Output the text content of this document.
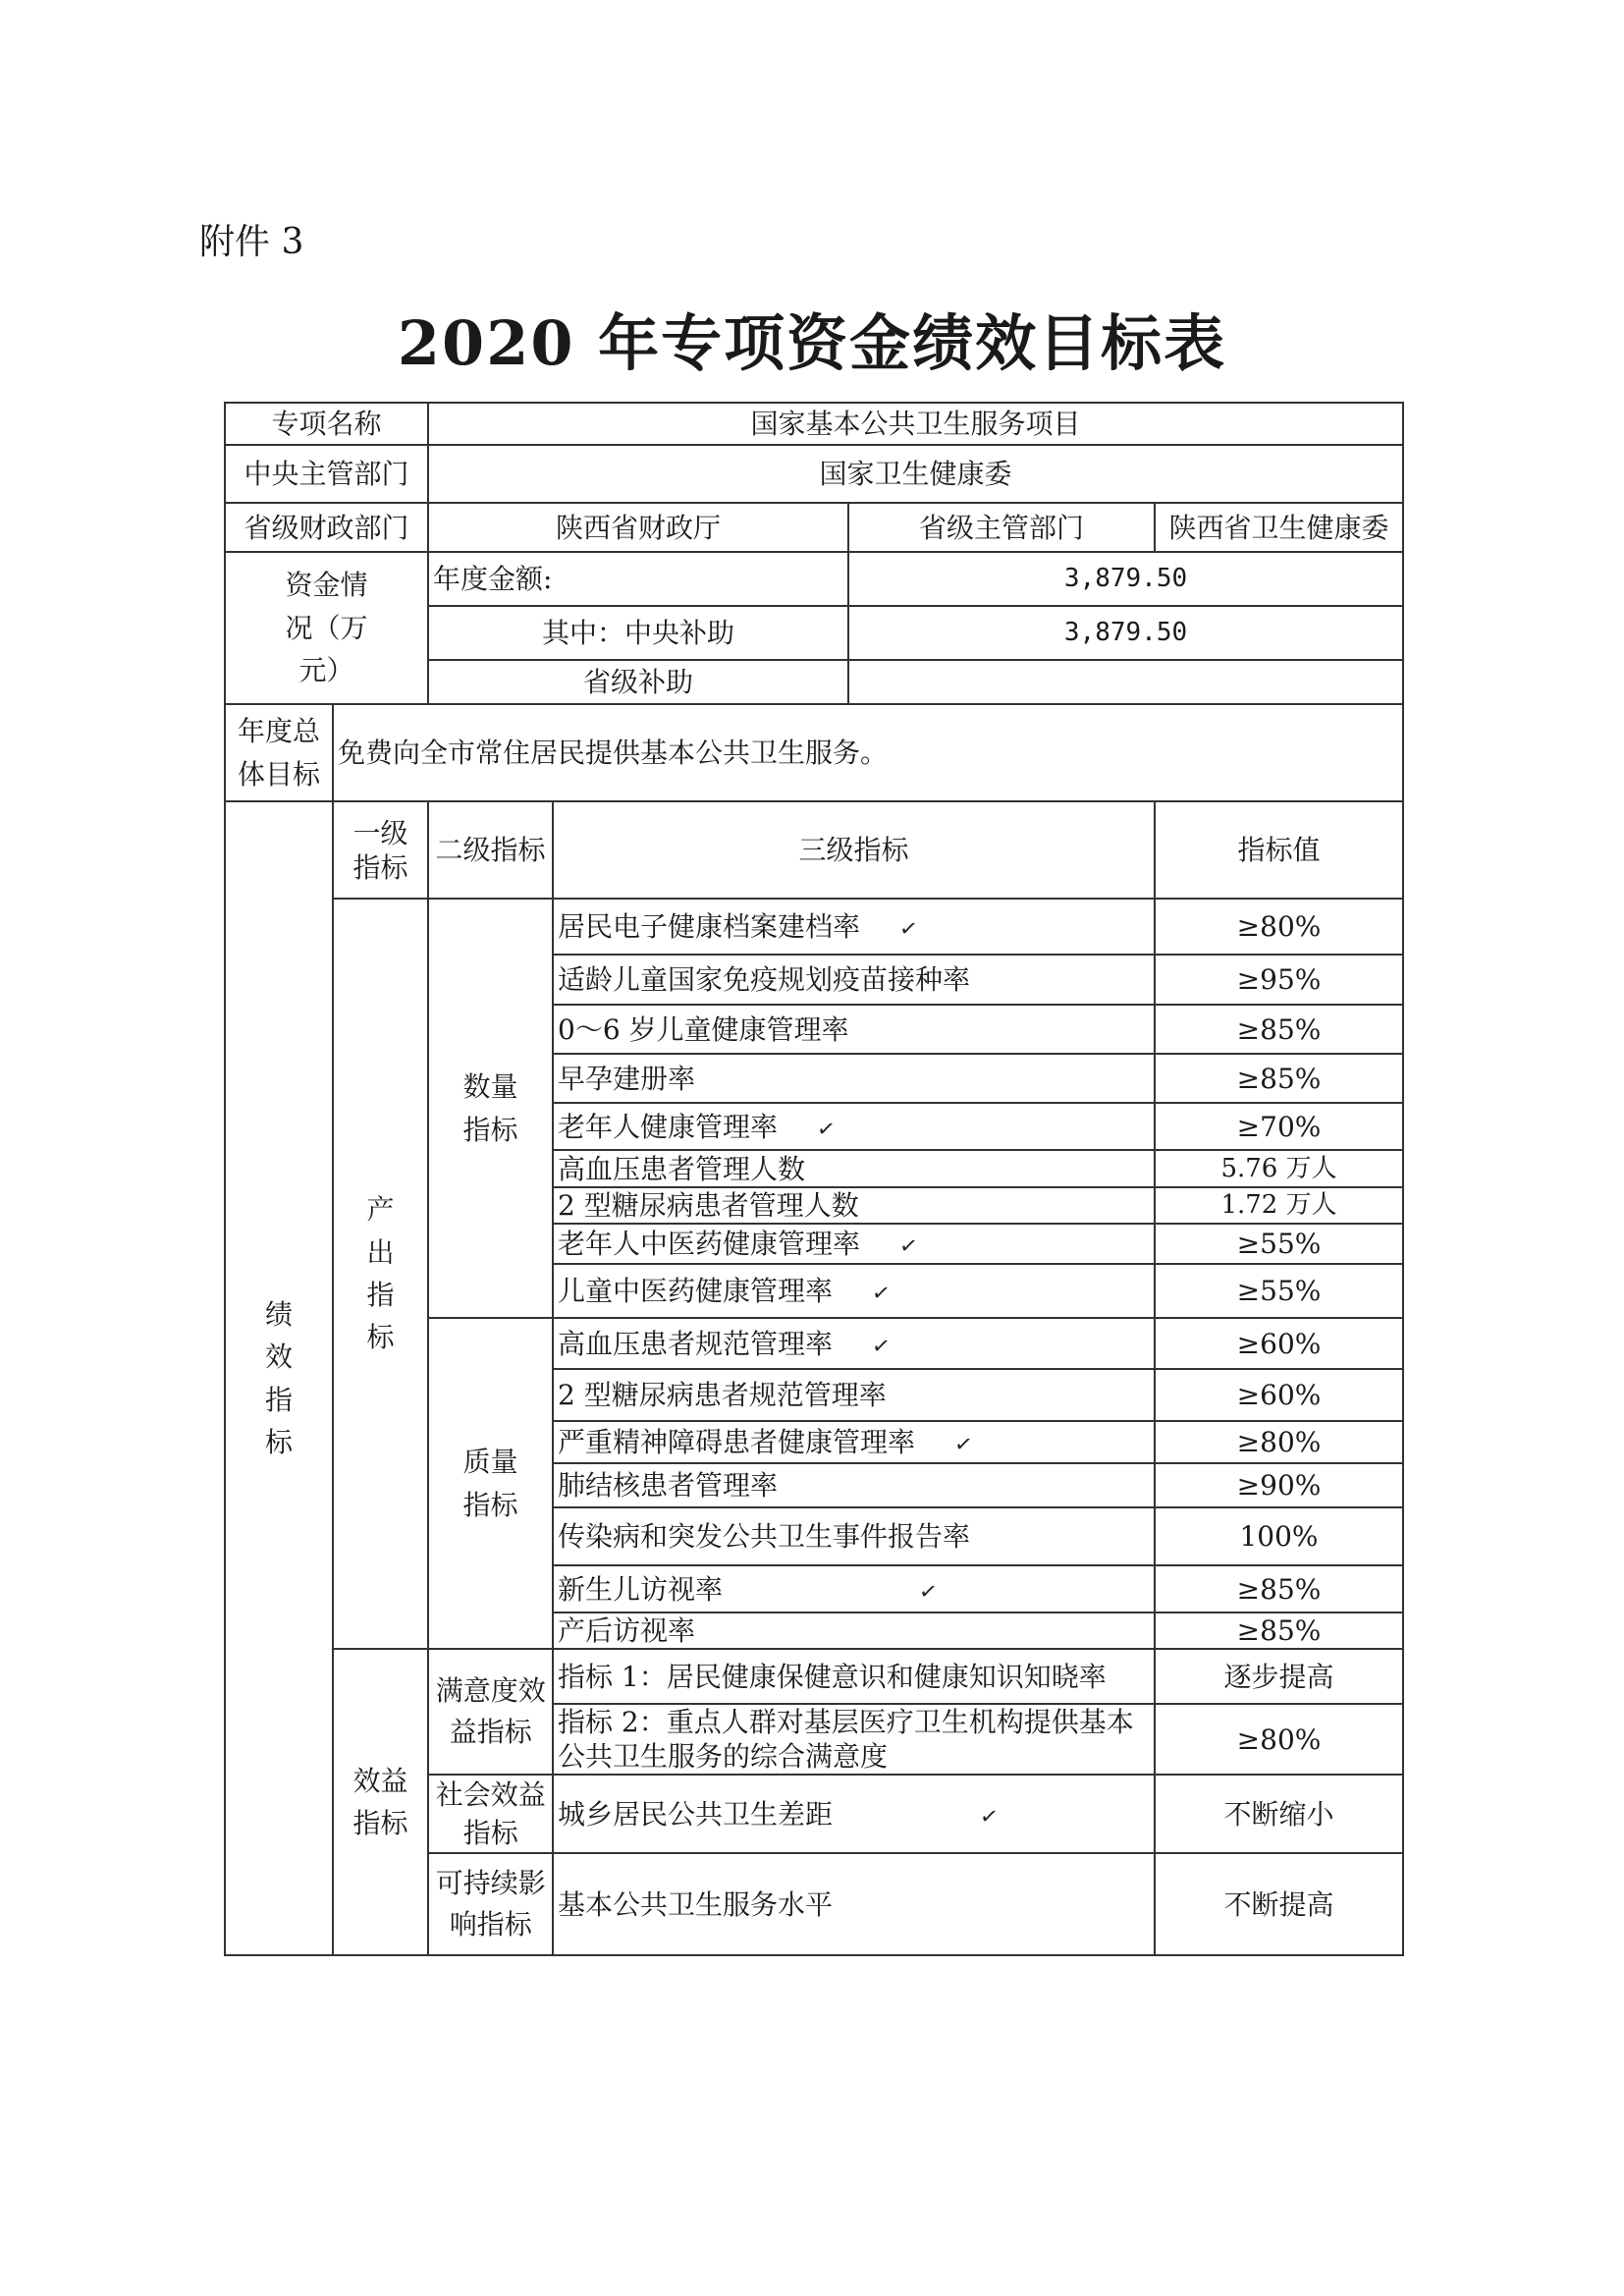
附件 3
2020 年专项资金绩效目标表
专项名称		国家基本公共卫生服务项目			
中央主管部门		国家卫生健康委			
省级财政部门		陕西省财政厅		省级主管部门	陕西省卫生健康委
资金情况（万元）		年度金额:		3,879.50	
		其中：中央补助		3,879.50	
		省级补助			
年度总体目标	免费向全市常住居民提供基本公共卫生服务。				
绩效指标	一级指标	二级指标	三级指标		指标值
	产出指标	数量指标	居民电子健康档案建档率 ✓		≥80%
			适龄儿童国家免疫规划疫苗接种率		≥95%
			0～6 岁儿童健康管理率		≥85%
			早孕建册率		≥85%
			老年人健康管理率 ✓		≥70%
			高血压患者管理人数		5.76 万人
			2 型糖尿病患者管理人数		1.72 万人
			老年人中医药健康管理率 ✓		≥55%
			儿童中医药健康管理率 ✓		≥55%
		质量指标	高血压患者规范管理率 ✓		≥60%
			2 型糖尿病患者规范管理率		≥60%
			严重精神障碍患者健康管理率 ✓		≥80%
			肺结核患者管理率		≥90%
			传染病和突发公共卫生事件报告率		100%
			新生儿访视率 ✓		≥85%
			产后访视率		≥85%
	效益指标	满意度效益指标	指标 1：居民健康保健意识和健康知识知晓率		逐步提高
			指标 2：重点人群对基层医疗卫生机构提供基本公共卫生服务的综合满意度		≥80%
		社会效益指标	城乡居民公共卫生差距 ✓		不断缩小
		可持续影响指标	基本公共卫生服务水平		不断提高
